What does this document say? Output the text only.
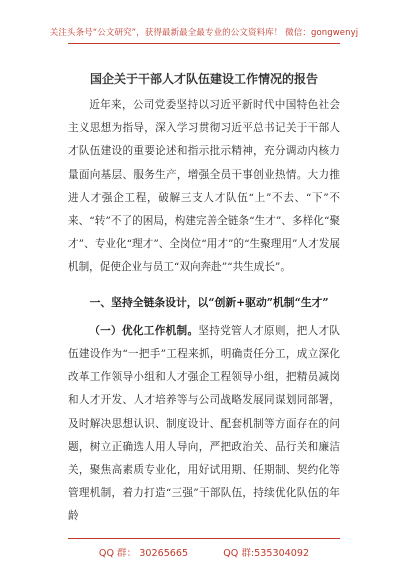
关注头条号“公文研究”，获得最新最全最专业的公文资料库！ 微信：gongwenyj
国企关于干部人才队伍建设工作情况的报告

近年来，公司党委坚持以习近平新时代中国特色社会主义思想为指导，深入学习贯彻习近平总书记关于干部人才队伍建设的重要论述和指示批示精神，充分调动内核力量面向基层、服务生产，增强全员干事创业热情。大力推进人才强企工程，破解三支人才队伍“上”不去、“下”不来、“转”不了的困局，构建完善全链条“生才”、多样化“聚才”、专业化“理才”、全岗位“用才”的“生聚理用”人才发展机制，促使企业与员工“双向奔赴”“共生成长”。

一、坚持全链条设计，以“创新+驱动”机制“生才”

（一）优化工作机制。坚持党管人才原则，把人才队伍建设作为“一把手”工程来抓，明确责任分工，成立深化改革工作领导小组和人才强企工程领导小组，把精员减岗和人才开发、人才培养等与公司战略发展同谋划同部署，及时解决思想认识、制度设计、配套机制等方面存在的问题，树立正确选人用人导向，严把政治关、品行关和廉洁关，聚焦高素质专业化，用好试用期、任期制、契约化等管理机制，着力打造“三强”干部队伍，持续优化队伍的年龄

QQ 群： 30265665	QQ 群:535304092
